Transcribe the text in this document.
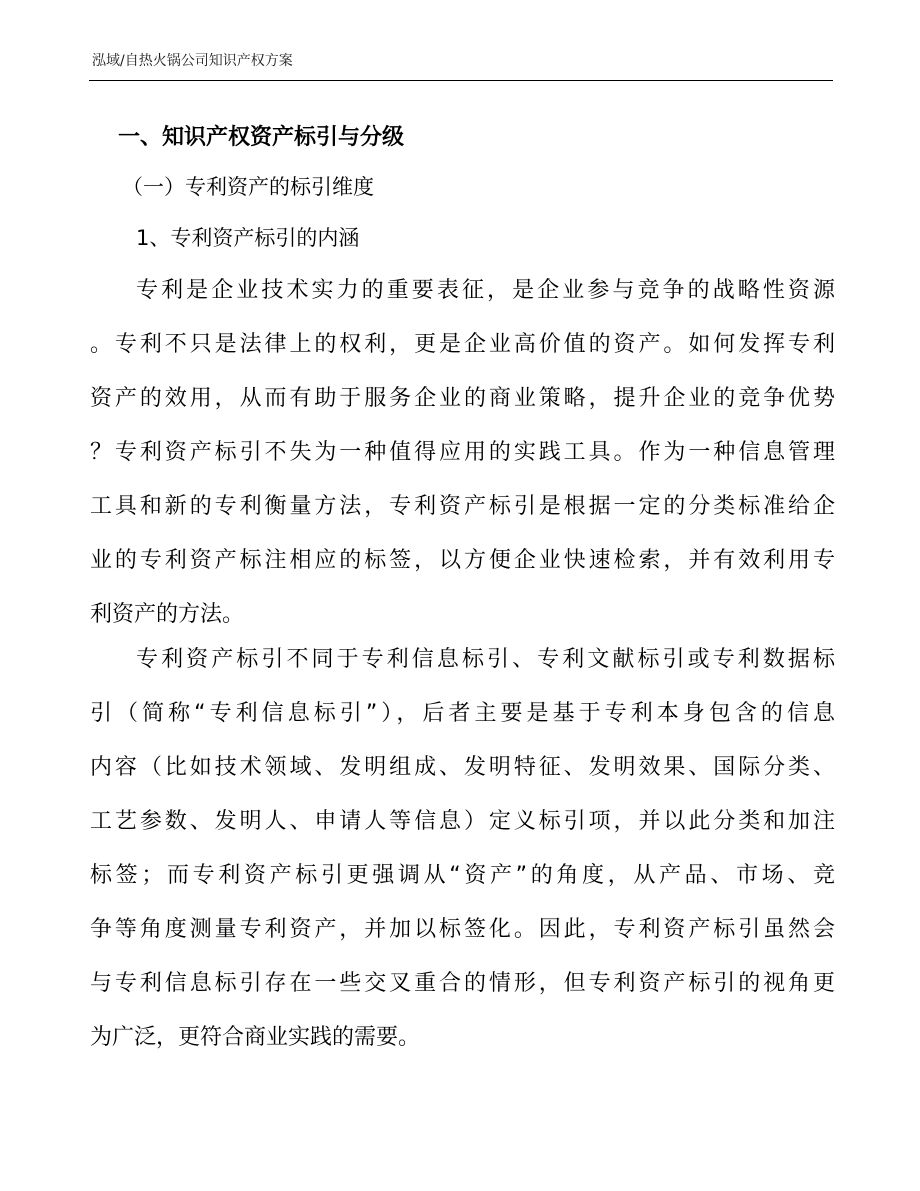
泓域/自热火锅公司知识产权方案
一、知识产权资产标引与分级
（一）专利资产的标引维度
1、专利资产标引的内涵
专利是企业技术实力的重要表征，是企业参与竞争的战略性资源
。专利不只是法律上的权利，更是企业高价值的资产。如何发挥专利
资产的效用，从而有助于服务企业的商业策略，提升企业的竞争优势
？专利资产标引不失为一种值得应用的实践工具。作为一种信息管理
工具和新的专利衡量方法，专利资产标引是根据一定的分类标准给企
业的专利资产标注相应的标签，以方便企业快速检索，并有效利用专
利资产的方法。
专利资产标引不同于专利信息标引、专利文献标引或专利数据标
引（简称“专利信息标引”），后者主要是基于专利本身包含的信息
内容（比如技术领域、发明组成、发明特征、发明效果、国际分类、
工艺参数、发明人、申请人等信息）定义标引项，并以此分类和加注
标签；而专利资产标引更强调从“资产”的角度，从产品、市场、竞
争等角度测量专利资产，并加以标签化。因此，专利资产标引虽然会
与专利信息标引存在一些交叉重合的情形，但专利资产标引的视角更
为广泛，更符合商业实践的需要。
